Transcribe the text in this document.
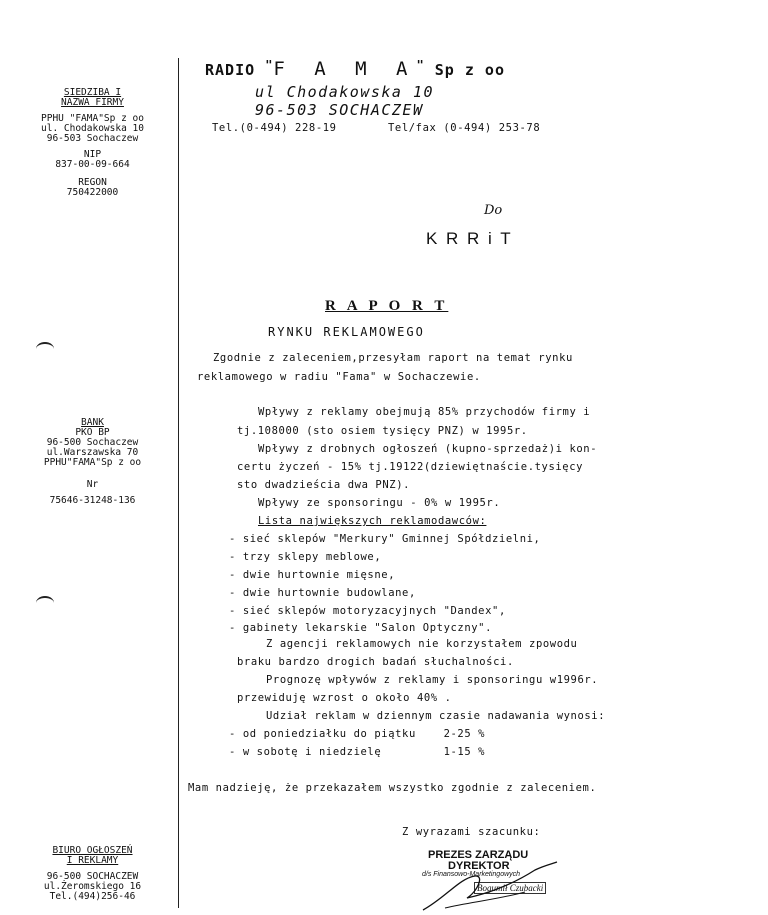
SIEDZIBA I
NAZWA FIRMY
PPHU "FAMA"Sp z oo
ul. Chodakowska 10
96-503 Sochaczew
NIP
837-00-09-664
REGON
750422000
BANK
PKO BP
96-500 Sochaczew
ul.Warszawska 70
PPHU"FAMA"Sp z oo
Nr
75646-31248-136
BIURO OGŁOSZEŃ
I REKLAMY
96-500 SOCHACZEW
ul.Żeromskiego 16
Tel.(494)256-46
RADIO "F A M A" Sp z oo
ul Chodakowska 10
96-503 SOCHACZEW
Tel.(0-494) 228-19	Tel/fax (0-494) 253-78
Do
K R R i T
R A P O R T
RYNKU REKLAMOWEGO
Zgodnie z zaleceniem,przesyłam raport na temat rynku
reklamowego w radiu "Fama" w Sochaczewie.
Wpływy z reklamy obejmują 85% przychodów firmy i
tj.108000 (sto osiem tysięcy PNZ) w 1995r.
Wpływy z drobnych ogłoszeń (kupno-sprzedaż)i kon-
certu życzeń - 15% tj.19122(dziewiętnaście.tysięcy
sto dwadzieścia dwa PNZ).
Wpływy ze sponsoringu - 0% w 1995r.
Lista największych reklamodawców:
- sieć sklepów "Merkury" Gminnej Spółdzielni,
- trzy sklepy meblowe,
- dwie hurtownie mięsne,
- dwie hurtownie budowlane,
- sieć sklepów motoryzacyjnych "Dandex",
- gabinety lekarskie "Salon Optyczny".
Z agencji reklamowych nie korzystałem zpowodu
braku bardzo drogich badań słuchalności.
Prognozę wpływów z reklamy i sponsoringu w1996r.
przewiduję wzrost o około 40% .
Udział reklam w dziennym czasie nadawania wynosi:
- od poniedziałku do piątku    2-25 %
- w sobotę i niedzielę         1-15 %
Mam nadzieję, że przekazałem wszystko zgodnie z zaleceniem.
Z wyrazami szacunku:
PREZES ZARZĄDU
DYREKTOR
d/s Finansowo-Marketingowych
Bogumił Czubacki
